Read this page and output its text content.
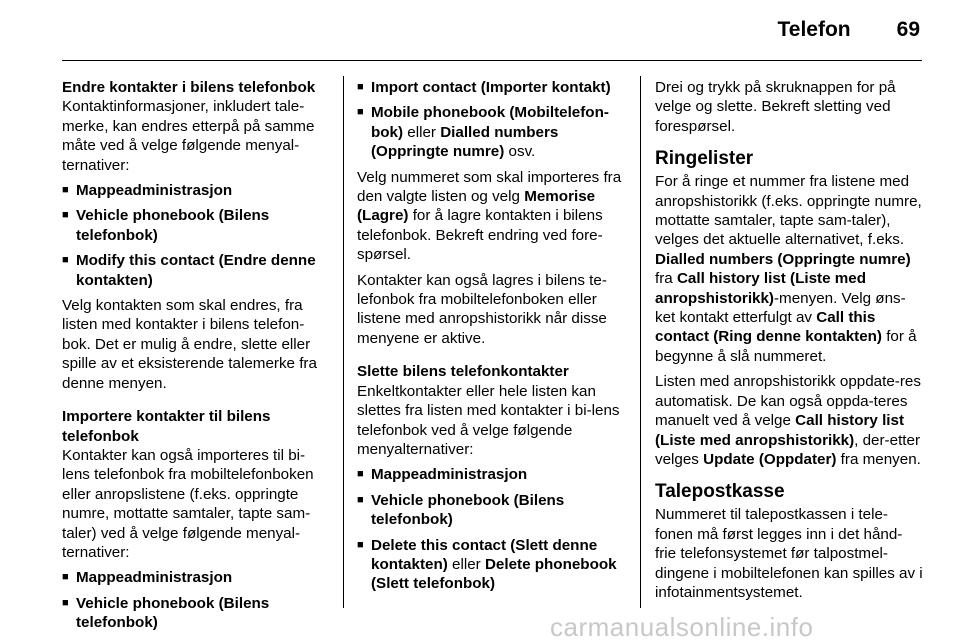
Telefon 69

Endre kontakter i bilens telefonbok

Kontaktinformasjoner, inkludert tale-merke, kan endres etterpå på samme måte ved å velge følgende menyal-ternativer:

■ Mappeadministrasjon
■ Vehicle phonebook (Bilens telefonbok)
■ Modify this contact (Endre denne kontakten)

Velg kontakten som skal endres, fra listen med kontakter i bilens telefon-bok. Det er mulig å endre, slette eller spille av et eksisterende talemerke fra denne menyen.

Importere kontakter til bilens telefonbok

Kontakter kan også importeres til bi-lens telefonbok fra mobiltelefonboken eller anropslistene (f.eks. oppringte numre, mottatte samtaler, tapte sam-taler) ved å velge følgende menyal-ternativer:

■ Mappeadministrasjon
■ Vehicle phonebook (Bilens telefonbok)
■ Import contact (Importer kontakt)
■ Mobile phonebook (Mobiltelefon-bok) eller Dialled numbers (Oppringte numre) osv.

Velg nummeret som skal importeres fra den valgte listen og velg Memorise (Lagre) for å lagre kontakten i bilens telefonbok. Bekreft endring ved fore-spørsel.

Kontakter kan også lagres i bilens te-lefonbok fra mobiltelefonboken eller listene med anropshistorikk når disse menyene er aktive.

Slette bilens telefonkontakter

Enkeltkontakter eller hele listen kan slettes fra listen med kontakter i bi-lens telefonbok ved å velge følgende menyalternativer:

■ Mappeadministrasjon
■ Vehicle phonebook (Bilens telefonbok)
■ Delete this contact (Slett denne kontakten) eller Delete phonebook (Slett telefonbok)

Drei og trykk på skruknappen for på velge og slette. Bekreft sletting ved forespørsel.

Ringelister

For å ringe et nummer fra listene med anropshistorikk (f.eks. oppringte numre, mottatte samtaler, tapte sam-taler), velges det aktuelle alternativet, f.eks. Dialled numbers (Oppringte numre) fra Call history list (Liste med anropshistorikk)-menyen. Velg øns-ket kontakt etterfulgt av Call this contact (Ring denne kontakten) for å begynne å slå nummeret.

Listen med anropshistorikk oppdate-res automatisk. De kan også oppda-teres manuelt ved å velge Call history list (Liste med anropshistorikk), der-etter velges Update (Oppdater) fra menyen.

Talepostkasse

Nummeret til talepostkassen i tele-fonen må først legges inn i det hånd-frie telefonsystemet før talpostmel-dingene i mobiltelefonen kan spilles av i infotainmentsystemet.

carmanualsonline.info
